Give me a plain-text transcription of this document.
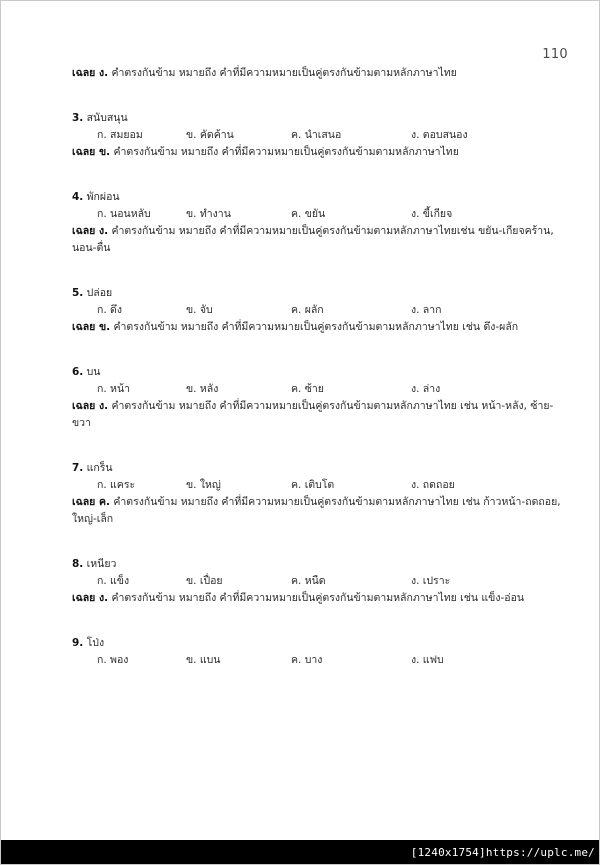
110

เฉลย ง. คำตรงกันข้าม หมายถึง คำที่มีความหมายเป็นคู่ตรงกันข้ามตามหลักภาษาไทย

3. สนับสนุน

ก. สมยอม	ข. คัดค้าน	ค. นำเสนอ	ง. ตอบสนอง

เฉลย ข. คำตรงกันข้าม หมายถึง คำที่มีความหมายเป็นคู่ตรงกันข้ามตามหลักภาษาไทย

4. พักผ่อน

ก. นอนหลับ	ข. ทำงาน	ค. ขยัน	ง. ขี้เกียจ

เฉลย ง. คำตรงกันข้าม หมายถึง คำที่มีความหมายเป็นคู่ตรงกันข้ามตามหลักภาษาไทยเช่น ขยัน-เกียจคร้าน, นอน-ตื่น

5. ปล่อย

ก. ดึง	ข. จับ	ค. ผลัก	ง. ลาก

เฉลย ข. คำตรงกันข้าม หมายถึง คำที่มีความหมายเป็นคู่ตรงกันข้ามตามหลักภาษาไทย เช่น ดึง-ผลัก

6. บน

ก. หน้า	ข. หลัง	ค. ซ้าย	ง. ล่าง

เฉลย ง. คำตรงกันข้าม หมายถึง คำที่มีความหมายเป็นคู่ตรงกันข้ามตามหลักภาษาไทย เช่น หน้า-หลัง, ซ้าย-ขวา

7. แกร็น

ก. แคระ	ข. ใหญ่	ค. เติบโต	ง. ถดถอย

เฉลย ค. คำตรงกันข้าม หมายถึง คำที่มีความหมายเป็นคู่ตรงกันข้ามตามหลักภาษาไทย เช่น ก้าวหน้า-ถดถอย, ใหญ่-เล็ก

8. เหนียว

ก. แข็ง	ข. เปื่อย	ค. หนืด	ง. เปราะ

เฉลย ง. คำตรงกันข้าม หมายถึง คำที่มีความหมายเป็นคู่ตรงกันข้ามตามหลักภาษาไทย เช่น แข็ง-อ่อน

9. โป่ง

ก. พอง	ข. แบน	ค. บาง	ง. แฟบ
[1240x1754]https://uplc.me/
